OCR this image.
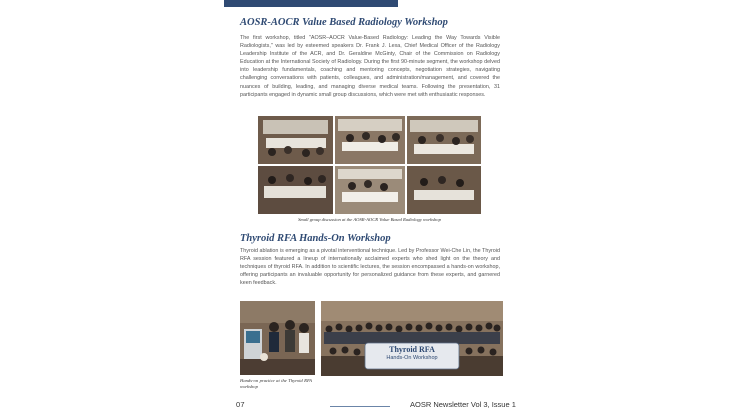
AOSR-AOCR Value Based Radiology Workshop

The first workshop, titled "AOSR–AOCR Value-Based Radiology: Leading the Way Towards Visible Radiologists," was led by esteemed speakers Dr. Frank J. Lexa, Chief Medical Officer of the Radiology Leadership Institute of the ACR, and Dr. Geraldine McGinty, Chair of the Commission on Radiology Education at the International Society of Radiology. During the first 90-minute segment, the workshop delved into leadership fundamentals, coaching and mentoring concepts, negotiation strategies, navigating challenging conversations with patients, colleagues, and administration/management, and covered the nuances of building, leading, and managing diverse medical teams. Following the presentation, 31 participants engaged in dynamic small group discussions, which were met with enthusiastic responses.

Small group discussion at the AOSR-AOCR Value Based Radiology workshop

Thyroid RFA Hands-On Workshop

Thyroid ablation is emerging as a pivotal interventional technique. Led by Professor Wei-Che Lin, the Thyroid RFA session featured a lineup of internationally acclaimed experts who shed light on the theory and techniques of thyroid RFA. In addition to scientific lectures, the session encompassed a hands-on workshop, offering participants an invaluable opportunity for personalized guidance from these experts, and garnered keen feedback.

Hands-on practice at the Thyroid RFA workshop

Thyroid RFA
Hands-On Workshop
07	AOSR Newsletter Vol 3, Issue 1
